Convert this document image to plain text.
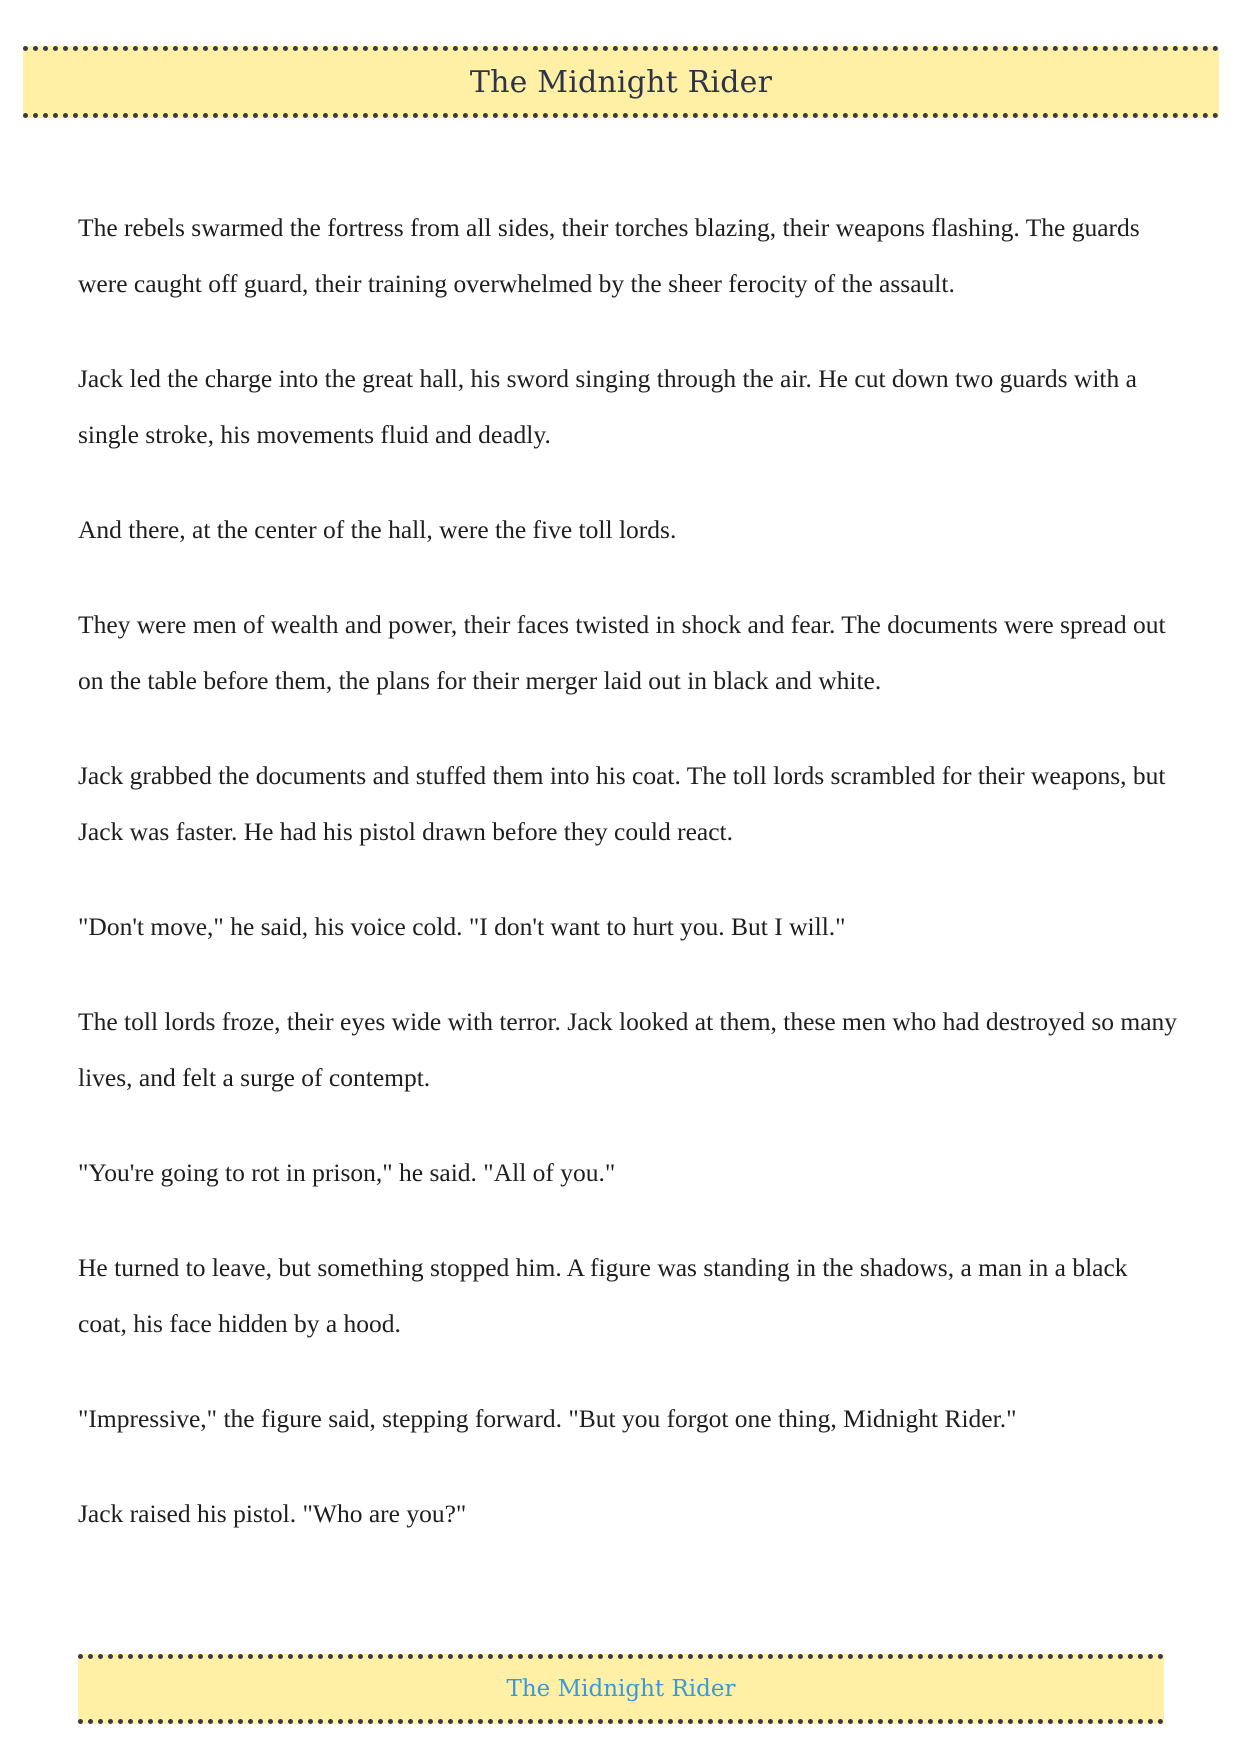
The Midnight Rider

The rebels swarmed the fortress from all sides, their torches blazing, their weapons flashing. The guards were caught off guard, their training overwhelmed by the sheer ferocity of the assault.

Jack led the charge into the great hall, his sword singing through the air. He cut down two guards with a single stroke, his movements fluid and deadly.

And there, at the center of the hall, were the five toll lords.

They were men of wealth and power, their faces twisted in shock and fear. The documents were spread out on the table before them, the plans for their merger laid out in black and white.

Jack grabbed the documents and stuffed them into his coat. The toll lords scrambled for their weapons, but Jack was faster. He had his pistol drawn before they could react.

"Don't move," he said, his voice cold. "I don't want to hurt you. But I will."

The toll lords froze, their eyes wide with terror. Jack looked at them, these men who had destroyed so many lives, and felt a surge of contempt.

"You're going to rot in prison," he said. "All of you."

He turned to leave, but something stopped him. A figure was standing in the shadows, a man in a black coat, his face hidden by a hood.

"Impressive," the figure said, stepping forward. "But you forgot one thing, Midnight Rider."

Jack raised his pistol. "Who are you?"

The Midnight Rider
